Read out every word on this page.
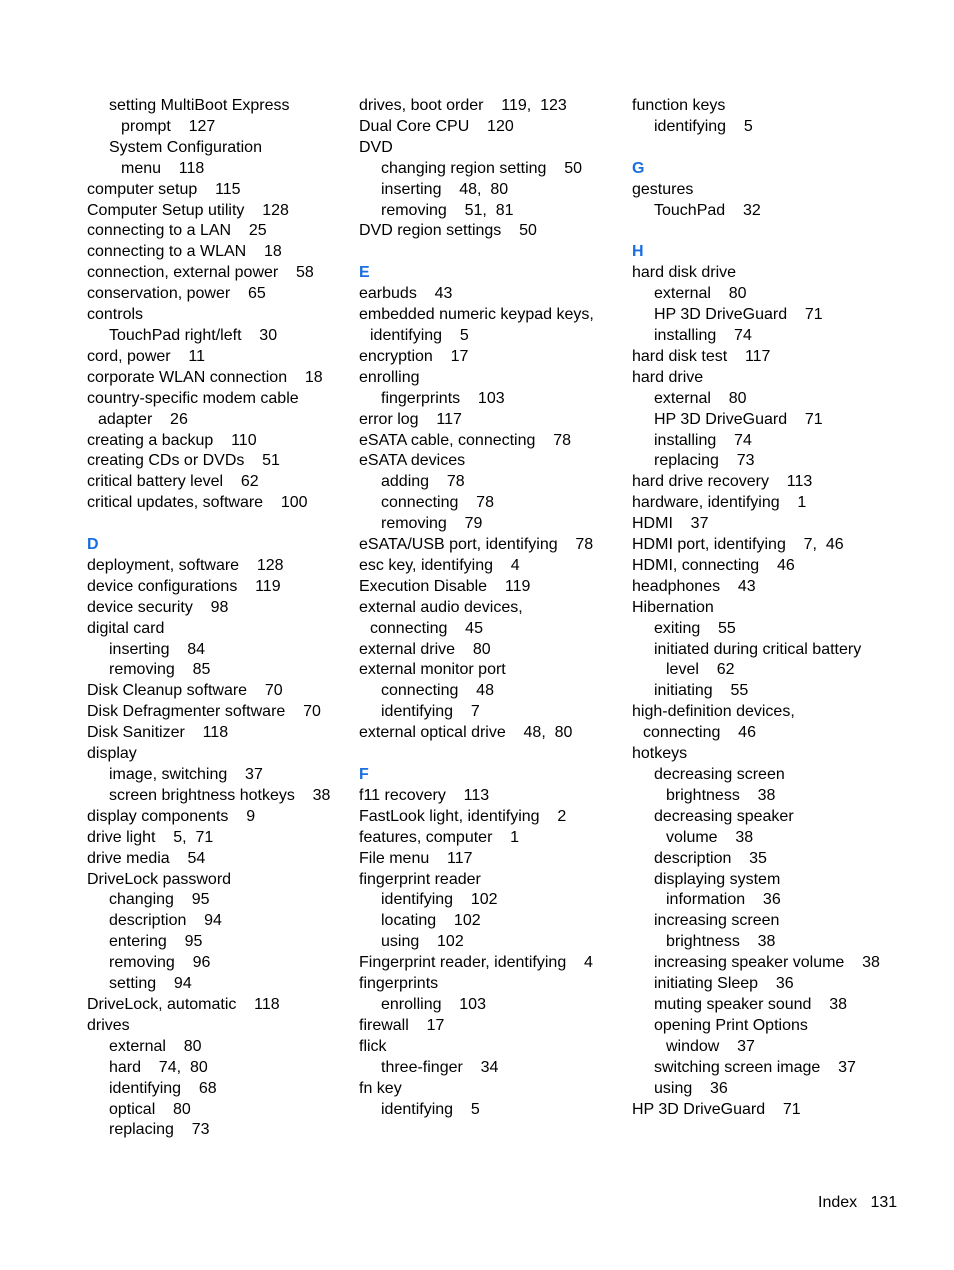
setting MultiBoot Express
prompt    127
System Configuration
menu    118
computer setup    115
Computer Setup utility    128
connecting to a LAN    25
connecting to a WLAN    18
connection, external power    58
conservation, power    65
controls
TouchPad right/left    30
cord, power    11
corporate WLAN connection    18
country-specific modem cable
adapter    26
creating a backup    110
creating CDs or DVDs    51
critical battery level    62
critical updates, software    100
D
deployment, software    128
device configurations    119
device security    98
digital card
inserting    84
removing    85
Disk Cleanup software    70
Disk Defragmenter software    70
Disk Sanitizer    118
display
image, switching    37
screen brightness hotkeys    38
display components    9
drive light    5,  71
drive media    54
DriveLock password
changing    95
description    94
entering    95
removing    96
setting    94
DriveLock, automatic    118
drives
external    80
hard    74,  80
identifying    68
optical    80
replacing    73
drives, boot order    119,  123
Dual Core CPU    120
DVD
changing region setting    50
inserting    48,  80
removing    51,  81
DVD region settings    50
E
earbuds    43
embedded numeric keypad keys,
identifying    5
encryption    17
enrolling
fingerprints    103
error log    117
eSATA cable, connecting    78
eSATA devices
adding    78
connecting    78
removing    79
eSATA/USB port, identifying    78
esc key, identifying    4
Execution Disable    119
external audio devices,
connecting    45
external drive    80
external monitor port
connecting    48
identifying    7
external optical drive    48,  80
F
f11 recovery    113
FastLook light, identifying    2
features, computer    1
File menu    117
fingerprint reader
identifying    102
locating    102
using    102
Fingerprint reader, identifying    4
fingerprints
enrolling    103
firewall    17
flick
three-finger    34
fn key
identifying    5
function keys
identifying    5
G
gestures
TouchPad    32
H
hard disk drive
external    80
HP 3D DriveGuard    71
installing    74
hard disk test    117
hard drive
external    80
HP 3D DriveGuard    71
installing    74
replacing    73
hard drive recovery    113
hardware, identifying    1
HDMI    37
HDMI port, identifying    7,  46
HDMI, connecting    46
headphones    43
Hibernation
exiting    55
initiated during critical battery
level    62
initiating    55
high-definition devices,
connecting    46
hotkeys
decreasing screen
brightness    38
decreasing speaker
volume    38
description    35
displaying system
information    36
increasing screen
brightness    38
increasing speaker volume    38
initiating Sleep    36
muting speaker sound    38
opening Print Options
window    37
switching screen image    37
using    36
HP 3D DriveGuard    71
Index 131
